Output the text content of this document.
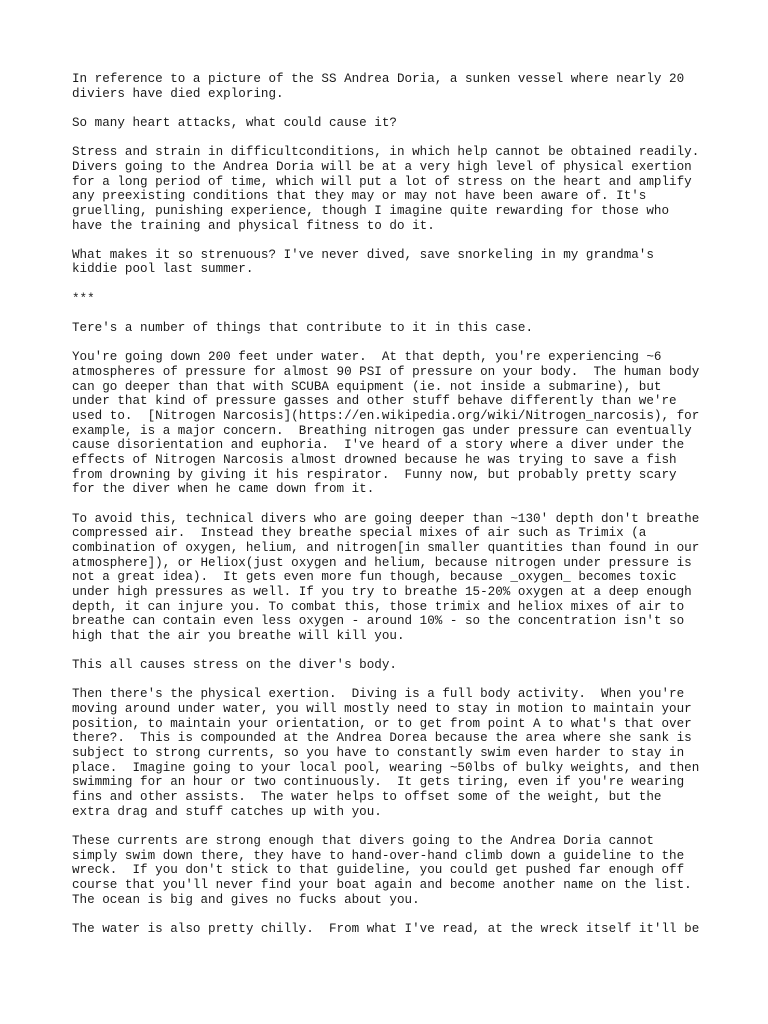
In reference to a picture of the SS Andrea Doria, a sunken vessel where nearly 20
diviers have died exploring.

So many heart attacks, what could cause it?

Stress and strain in difficultconditions, in which help cannot be obtained readily.
Divers going to the Andrea Doria will be at a very high level of physical exertion
for a long period of time, which will put a lot of stress on the heart and amplify
any preexisting conditions that they may or may not have been aware of. It's
gruelling, punishing experience, though I imagine quite rewarding for those who
have the training and physical fitness to do it.

What makes it so strenuous? I've never dived, save snorkeling in my grandma's
kiddie pool last summer.

***

Tere's a number of things that contribute to it in this case.

You're going down 200 feet under water.  At that depth, you're experiencing ~6
atmospheres of pressure for almost 90 PSI of pressure on your body.  The human body
can go deeper than that with SCUBA equipment (ie. not inside a submarine), but
under that kind of pressure gasses and other stuff behave differently than we're
used to.  [Nitrogen Narcosis](https://en.wikipedia.org/wiki/Nitrogen_narcosis), for
example, is a major concern.  Breathing nitrogen gas under pressure can eventually
cause disorientation and euphoria.  I've heard of a story where a diver under the
effects of Nitrogen Narcosis almost drowned because he was trying to save a fish
from drowning by giving it his respirator.  Funny now, but probably pretty scary
for the diver when he came down from it.

To avoid this, technical divers who are going deeper than ~130' depth don't breathe
compressed air.  Instead they breathe special mixes of air such as Trimix (a
combination of oxygen, helium, and nitrogen[in smaller quantities than found in our
atmosphere]), or Heliox(just oxygen and helium, because nitrogen under pressure is
not a great idea).  It gets even more fun though, because _oxygen_ becomes toxic
under high pressures as well. If you try to breathe 15-20% oxygen at a deep enough
depth, it can injure you. To combat this, those trimix and heliox mixes of air to
breathe can contain even less oxygen - around 10% - so the concentration isn't so
high that the air you breathe will kill you.

This all causes stress on the diver's body.

Then there's the physical exertion.  Diving is a full body activity.  When you're
moving around under water, you will mostly need to stay in motion to maintain your
position, to maintain your orientation, or to get from point A to what's that over
there?.  This is compounded at the Andrea Dorea because the area where she sank is
subject to strong currents, so you have to constantly swim even harder to stay in
place.  Imagine going to your local pool, wearing ~50lbs of bulky weights, and then
swimming for an hour or two continuously.  It gets tiring, even if you're wearing
fins and other assists.  The water helps to offset some of the weight, but the
extra drag and stuff catches up with you.

These currents are strong enough that divers going to the Andrea Doria cannot
simply swim down there, they have to hand-over-hand climb down a guideline to the
wreck.  If you don't stick to that guideline, you could get pushed far enough off
course that you'll never find your boat again and become another name on the list.
The ocean is big and gives no fucks about you.

The water is also pretty chilly.  From what I've read, at the wreck itself it'll be
